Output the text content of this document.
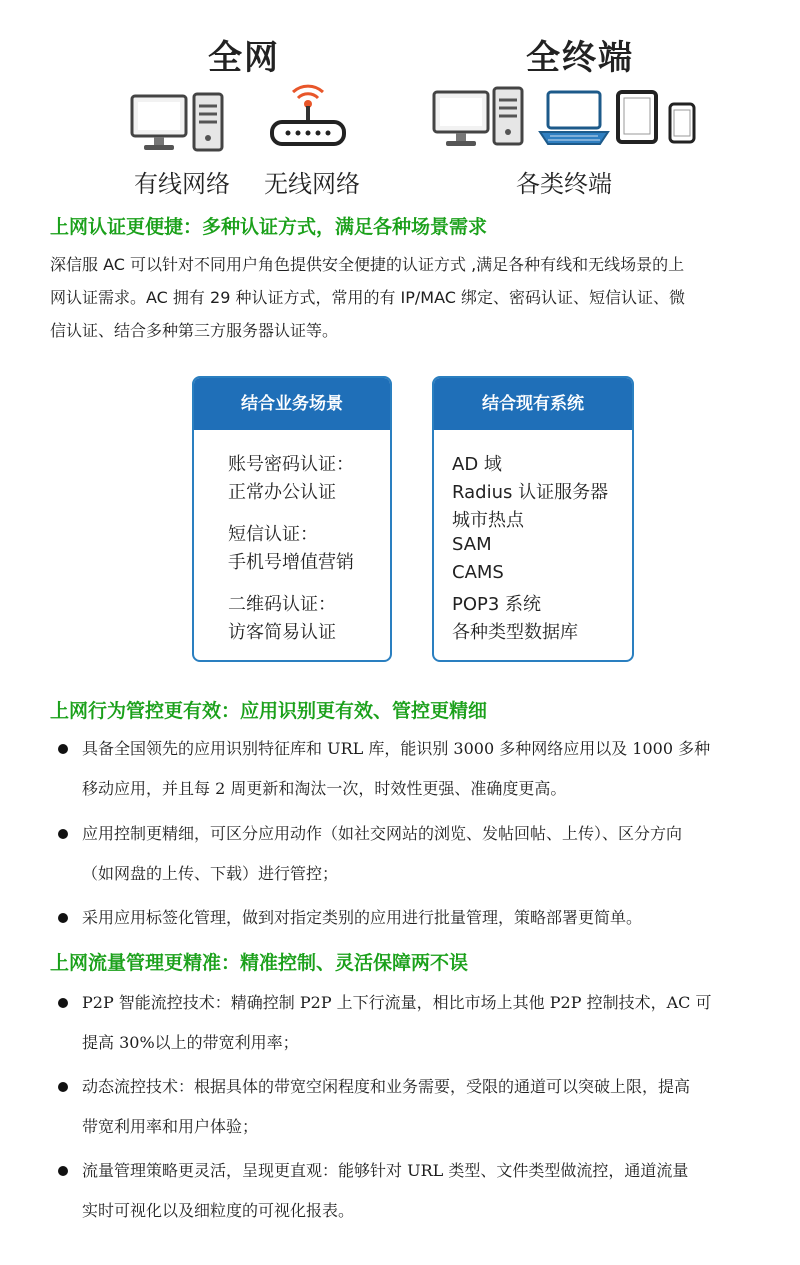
全网	全终端
有线网络 无线网络	各类终端
上网认证更便捷：多种认证方式，满足各种场景需求
深信服 AC 可以针对不同用户角色提供安全便捷的认证方式 ,满足各种有线和无线场景的上
网认证需求。AC 拥有 29 种认证方式，常用的有 IP/MAC 绑定、密码认证、短信认证、微
信认证、结合多种第三方服务器认证等。
结合业务场景
账号密码认证：
正常办公认证
短信认证：
手机号增值营销
二维码认证：
访客简易认证
结合现有系统
AD 域
Radius 认证服务器
城市热点
SAM
CAMS
POP3 系统
各种类型数据库
上网行为管控更有效：应用识别更有效、管控更精细
具备全国领先的应用识别特征库和 URL 库，能识别 3000 多种网络应用以及 1000 多种
移动应用，并且每 2 周更新和淘汰一次，时效性更强、准确度更高。
应用控制更精细，可区分应用动作（如社交网站的浏览、发帖回帖、上传）、区分方向
（如网盘的上传、下载）进行管控；
采用应用标签化管理，做到对指定类别的应用进行批量管理，策略部署更简单。
上网流量管理更精准：精准控制、灵活保障两不误
P2P 智能流控技术：精确控制 P2P 上下行流量，相比市场上其他 P2P 控制技术，AC 可
提高 30%以上的带宽利用率；
动态流控技术：根据具体的带宽空闲程度和业务需要，受限的通道可以突破上限，提高
带宽利用率和用户体验；
流量管理策略更灵活，呈现更直观：能够针对 URL 类型、文件类型做流控，通道流量
实时可视化以及细粒度的可视化报表。
